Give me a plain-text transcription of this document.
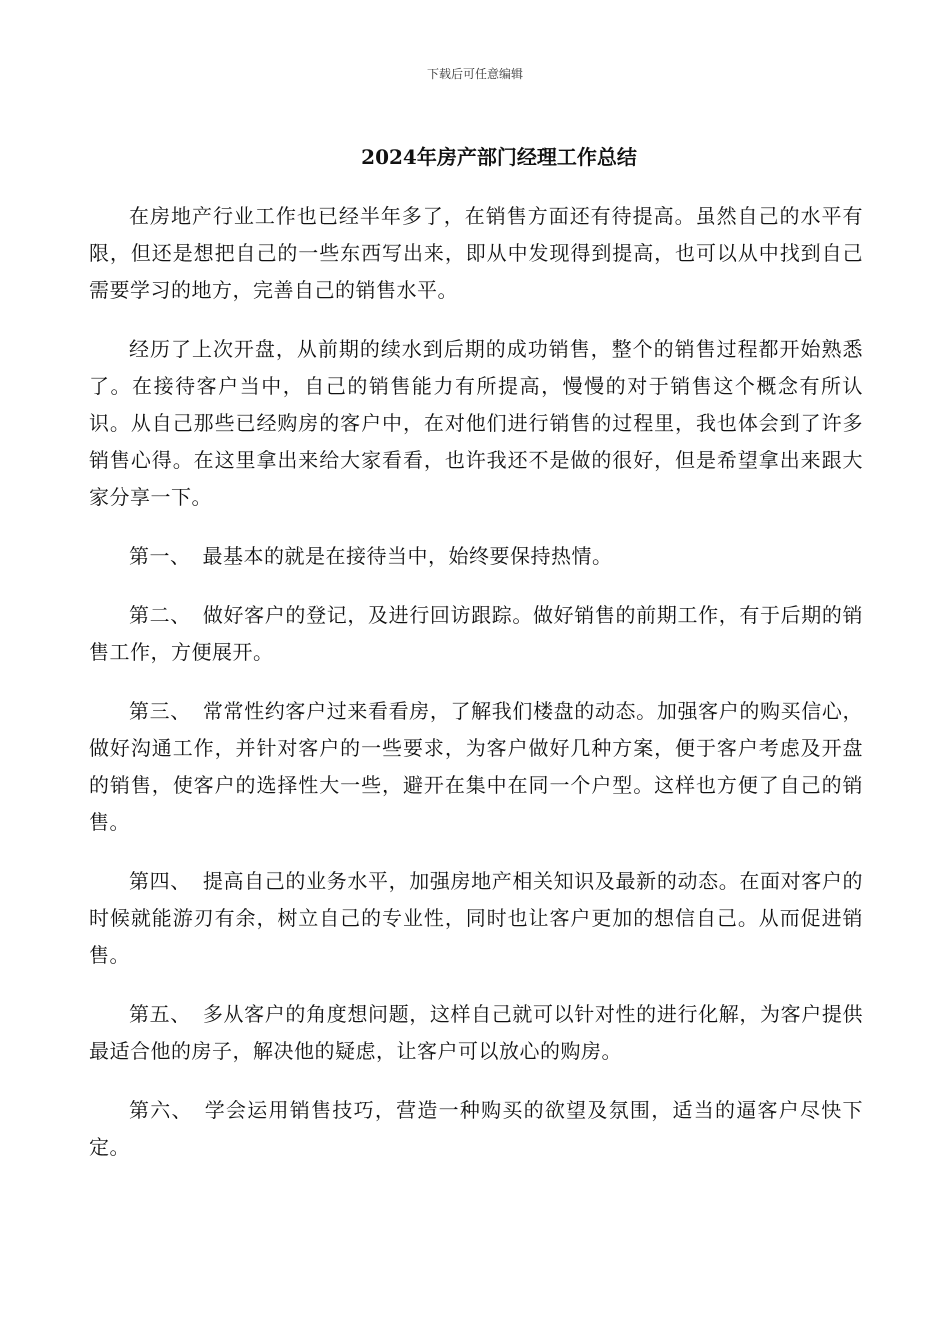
下载后可任意编辑
2024年房产部门经理工作总结

在房地产行业工作也已经半年多了，在销售方面还有待提高。虽然自己的水平有限，但还是想把自己的一些东西写出来，即从中发现得到提高，也可以从中找到自己需要学习的地方，完善自己的销售水平。

经历了上次开盘，从前期的续水到后期的成功销售，整个的销售过程都开始熟悉了。在接待客户当中，自己的销售能力有所提高，慢慢的对于销售这个概念有所认识。从自己那些已经购房的客户中，在对他们进行销售的过程里，我也体会到了许多销售心得。在这里拿出来给大家看看，也许我还不是做的很好，但是希望拿出来跟大家分享一下。

第一、 最基本的就是在接待当中，始终要保持热情。

第二、 做好客户的登记，及进行回访跟踪。做好销售的前期工作，有于后期的销售工作，方便展开。

第三、 常常性约客户过来看看房，了解我们楼盘的动态。加强客户的购买信心，做好沟通工作，并针对客户的一些要求，为客户做好几种方案，便于客户考虑及开盘的销售，使客户的选择性大一些，避开在集中在同一个户型。这样也方便了自己的销售。

第四、 提高自己的业务水平，加强房地产相关知识及最新的动态。在面对客户的时候就能游刃有余，树立自己的专业性，同时也让客户更加的想信自己。从而促进销售。

第五、 多从客户的角度想问题，这样自己就可以针对性的进行化解，为客户提供最适合他的房子，解决他的疑虑，让客户可以放心的购房。

第六、 学会运用销售技巧，营造一种购买的欲望及氛围，适当的逼客户尽快下定。
